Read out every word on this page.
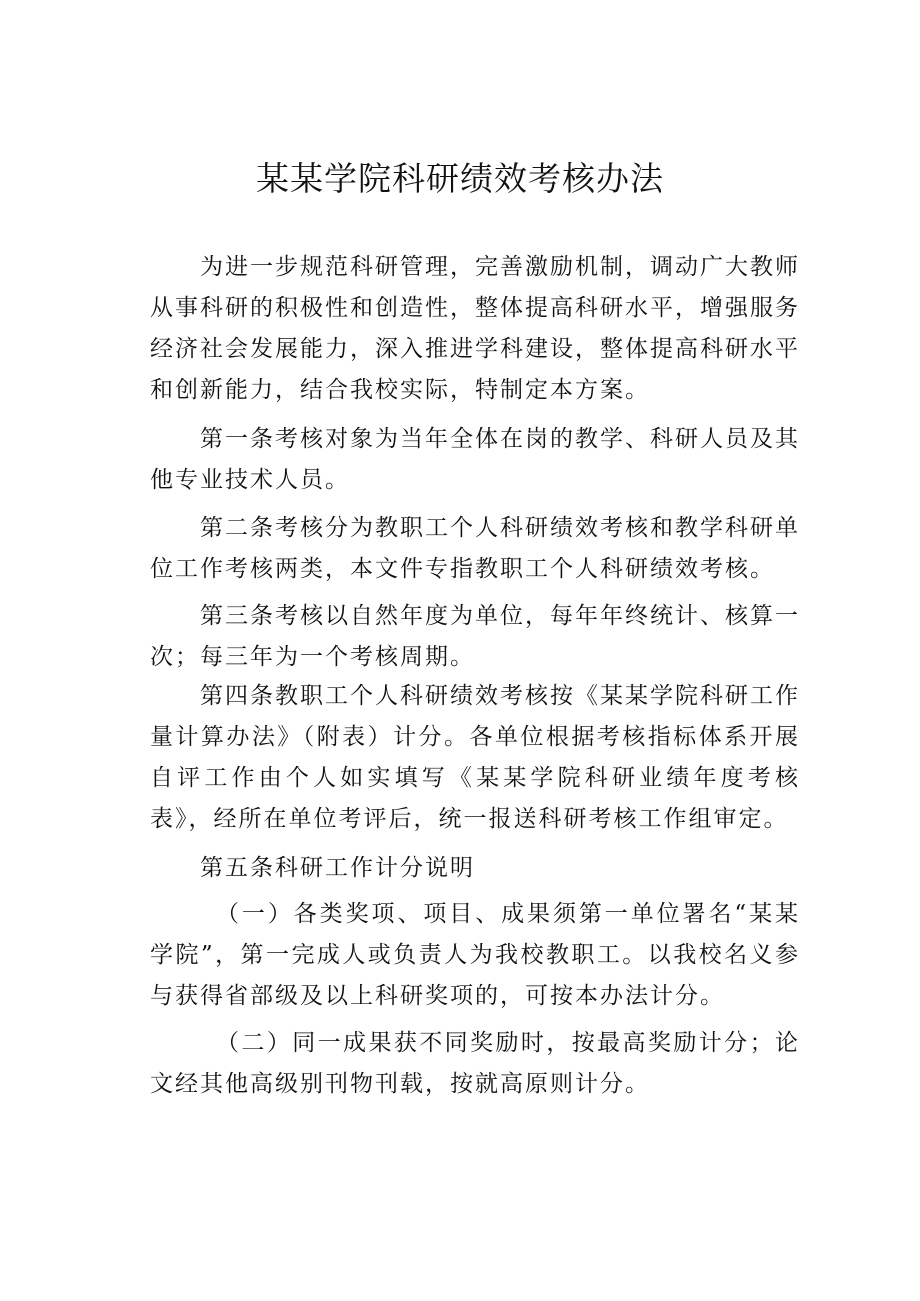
某某学院科研绩效考核办法

为进一步规范科研管理，完善激励机制，调动广大教师从事科研的积极性和创造性，整体提高科研水平，增强服务经济社会发展能力，深入推进学科建设，整体提高科研水平和创新能力，结合我校实际，特制定本方案。

第一条考核对象为当年全体在岗的教学、科研人员及其他专业技术人员。

第二条考核分为教职工个人科研绩效考核和教学科研单位工作考核两类，本文件专指教职工个人科研绩效考核。

第三条考核以自然年度为单位，每年年终统计、核算一次；每三年为一个考核周期。

第四条教职工个人科研绩效考核按《某某学院科研工作量计算办法》（附表）计分。各单位根据考核指标体系开展自评工作由个人如实填写《某某学院科研业绩年度考核表》，经所在单位考评后，统一报送科研考核工作组审定。

第五条科研工作计分说明

（一）各类奖项、项目、成果须第一单位署名“某某学院”，第一完成人或负责人为我校教职工。以我校名义参与获得省部级及以上科研奖项的，可按本办法计分。

（二）同一成果获不同奖励时，按最高奖励计分；论文经其他高级别刊物刊载，按就高原则计分。
